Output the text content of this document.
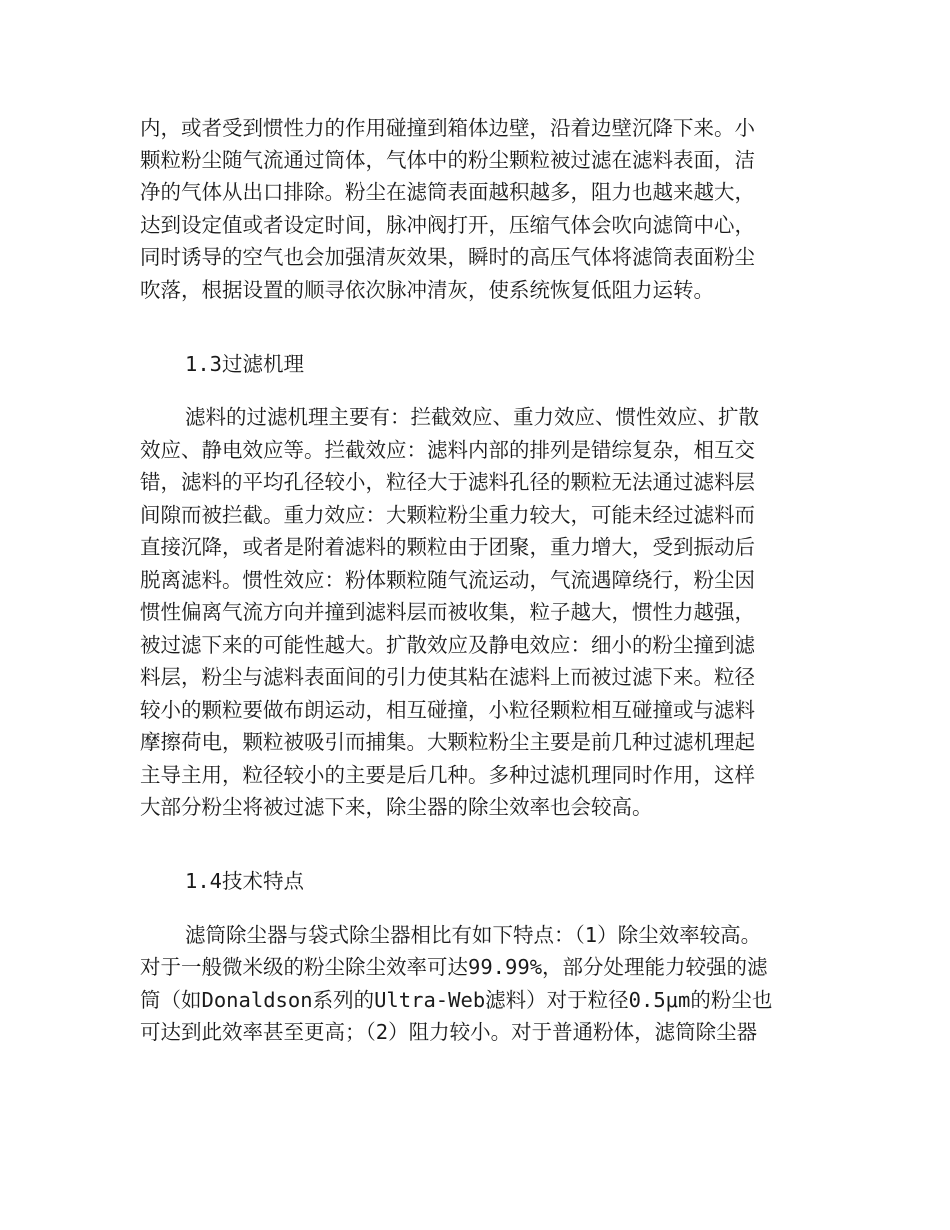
内，或者受到惯性力的作用碰撞到箱体边壁，沿着边壁沉降下来。小
颗粒粉尘随气流通过筒体，气体中的粉尘颗粒被过滤在滤料表面，洁
净的气体从出口排除。粉尘在滤筒表面越积越多，阻力也越来越大，
达到设定值或者设定时间，脉冲阀打开，压缩气体会吹向滤筒中心，
同时诱导的空气也会加强清灰效果，瞬时的高压气体将滤筒表面粉尘
吹落，根据设置的顺寻依次脉冲清灰，使系统恢复低阻力运转。
1.3过滤机理
滤料的过滤机理主要有：拦截效应、重力效应、惯性效应、扩散
效应、静电效应等。拦截效应：滤料内部的排列是错综复杂，相互交
错，滤料的平均孔径较小，粒径大于滤料孔径的颗粒无法通过滤料层
间隙而被拦截。重力效应：大颗粒粉尘重力较大，可能未经过滤料而
直接沉降，或者是附着滤料的颗粒由于团聚，重力增大，受到振动后
脱离滤料。惯性效应：粉体颗粒随气流运动，气流遇障绕行，粉尘因
惯性偏离气流方向并撞到滤料层而被收集，粒子越大，惯性力越强，
被过滤下来的可能性越大。扩散效应及静电效应：细小的粉尘撞到滤
料层，粉尘与滤料表面间的引力使其粘在滤料上而被过滤下来。粒径
较小的颗粒要做布朗运动，相互碰撞，小粒径颗粒相互碰撞或与滤料
摩擦荷电，颗粒被吸引而捕集。大颗粒粉尘主要是前几种过滤机理起
主导主用，粒径较小的主要是后几种。多种过滤机理同时作用，这样
大部分粉尘将被过滤下来，除尘器的除尘效率也会较高。
1.4技术特点
滤筒除尘器与袋式除尘器相比有如下特点：（1）除尘效率较高。
对于一般微米级的粉尘除尘效率可达99.99%，部分处理能力较强的滤
筒（如Donaldson系列的Ultra-Web滤料）对于粒径0.5μm的粉尘也
可达到此效率甚至更高；（2）阻力较小。对于普通粉体，滤筒除尘器
